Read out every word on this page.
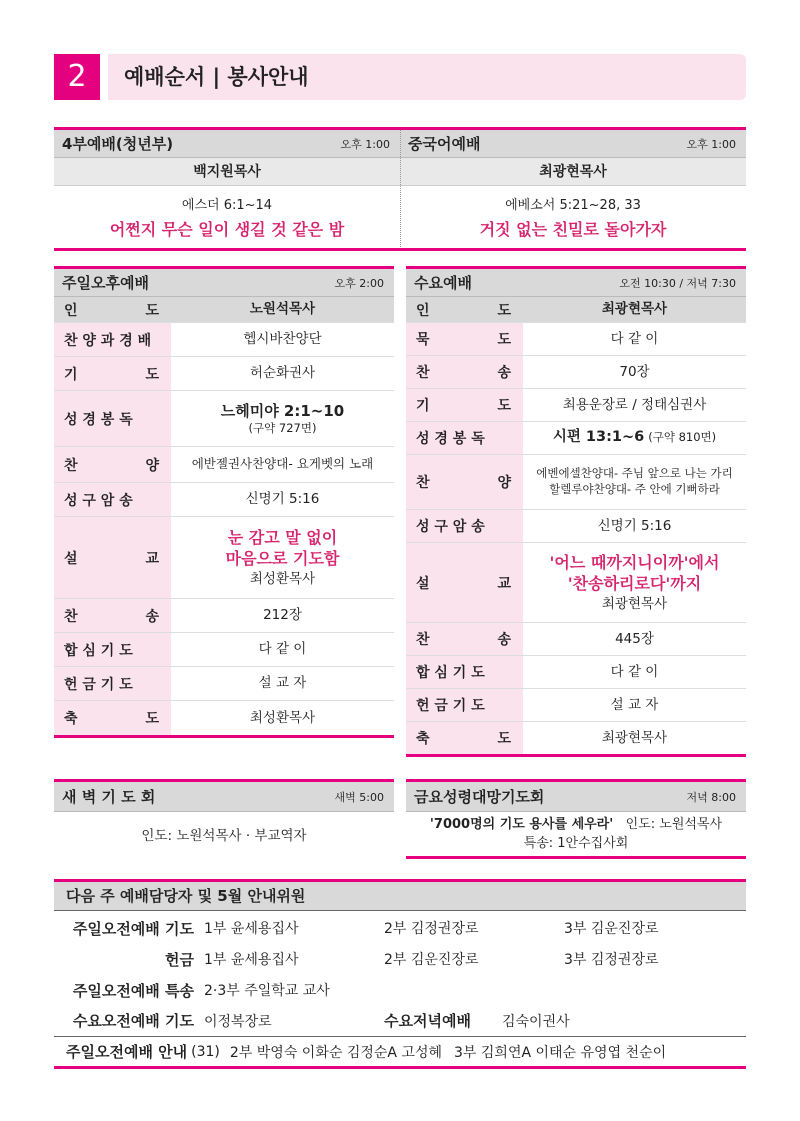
2	예배순서 | 봉사안내
4부예배(청년부)	오후 1:00
백지원목사
에스더 6:1~14
어쩐지 무슨 일이 생길 것 같은 밤
중국어예배	오후 1:00
최광현목사
에베소서 5:21~28, 33
거짓 없는 친밀로 돌아가자
주일오후예배	오후 2:00
인	도	노원석목사
찬 양 과 경 배	헵시바찬양단
기	도	허순화권사
성 경 봉 독	느헤미야 2:1~10
(구약 727면)
찬	양	에반젤권사찬양대- 요게벳의 노래
성 구 암 송	신명기 5:16
설	교
눈 감고 말 없이
마음으로 기도함
최성환목사
찬	송	212장
합 심 기 도	다 같 이
헌 금 기 도	설 교 자
축	도	최성환목사
수요예배	오전 10:30 / 저녁 7:30
인	도	최광현목사
묵	도	다 같 이
찬	송	70장
기	도	최용운장로 / 정태심권사
성 경 봉 독	시편 13:1~6 (구약 810면)
찬	양
에벤에셀찬양대- 주님 앞으로 나는 가리
할렐루야찬양대- 주 안에 기뻐하라
성 구 암 송	신명기 5:16
설	교
'어느 때까지니이까'에서
'찬송하리로다'까지
최광현목사
찬	송	445장
합 심 기 도	다 같 이
헌 금 기 도	설 교 자
축	도	최광현목사
새 벽 기 도 회	새벽 5:00
인도: 노원석목사 · 부교역자
금요성령대망기도회	저녁 8:00
'7000명의 기도 용사를 세우라' 인도: 노원석목사
특송: 1안수집사회
다음 주 예배담당자 및 5월 안내위원
주일오전예배 기도 1부 윤세용집사	2부 김정권장로	3부 김운진장로
헌금 1부 윤세용집사	2부 김운진장로	3부 김정권장로
주일오전예배 특송 2·3부 주일학교 교사
수요오전예배 기도 이정복장로	수요저녁예배	김숙이권사
주일오전예배 안내 (31) 2부 박영숙 이화순 김정순A 고성혜 3부 김희연A 이태순 유영엽 천순이
